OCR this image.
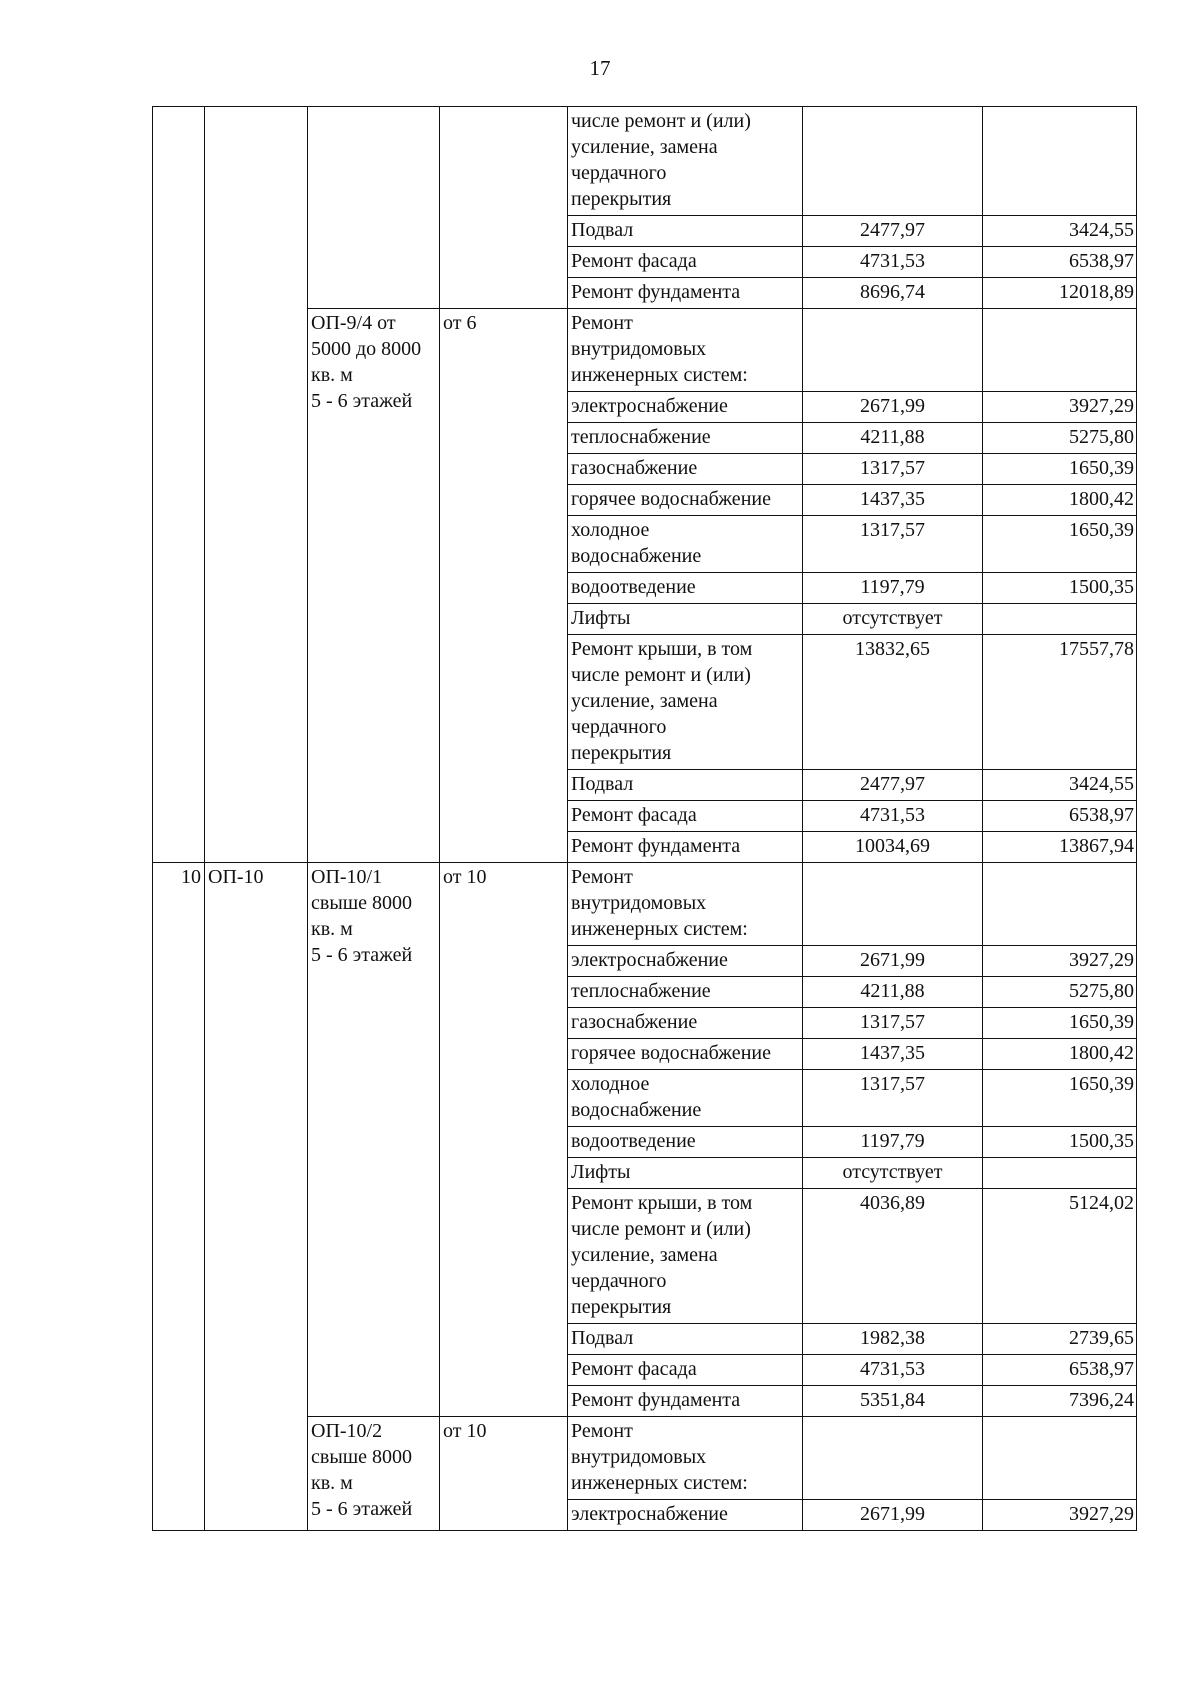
17
				числе ремонт и (или)
усиление, замена
чердачного
перекрытия		
				Подвал	2477,97	3424,55
				Ремонт фасада	4731,53	6538,97
				Ремонт фундамента	8696,74	12018,89
		ОП-9/4 от
5000 до 8000
кв. м
5 - 6 этажей	от 6	Ремонт
внутридомовых
инженерных систем:		
				электроснабжение	2671,99	3927,29
				теплоснабжение	4211,88	5275,80
				газоснабжение	1317,57	1650,39
				горячее водоснабжение	1437,35	1800,42
				холодное
водоснабжение	1317,57	1650,39
				водоотведение	1197,79	1500,35
				Лифты	отсутствует	
				Ремонт крыши, в том
числе ремонт и (или)
усиление, замена
чердачного
перекрытия	13832,65	17557,78
				Подвал	2477,97	3424,55
				Ремонт фасада	4731,53	6538,97
				Ремонт фундамента	10034,69	13867,94
10	ОП-10	ОП-10/1
свыше 8000
кв. м
5 - 6 этажей	от 10	Ремонт
внутридомовых
инженерных систем:		
				электроснабжение	2671,99	3927,29
				теплоснабжение	4211,88	5275,80
				газоснабжение	1317,57	1650,39
				горячее водоснабжение	1437,35	1800,42
				холодное
водоснабжение	1317,57	1650,39
				водоотведение	1197,79	1500,35
				Лифты	отсутствует	
				Ремонт крыши, в том
числе ремонт и (или)
усиление, замена
чердачного
перекрытия	4036,89	5124,02
				Подвал	1982,38	2739,65
				Ремонт фасада	4731,53	6538,97
				Ремонт фундамента	5351,84	7396,24
		ОП-10/2
свыше 8000
кв. м
5 - 6 этажей	от 10	Ремонт
внутридомовых
инженерных систем:		
				электроснабжение	2671,99	3927,29
